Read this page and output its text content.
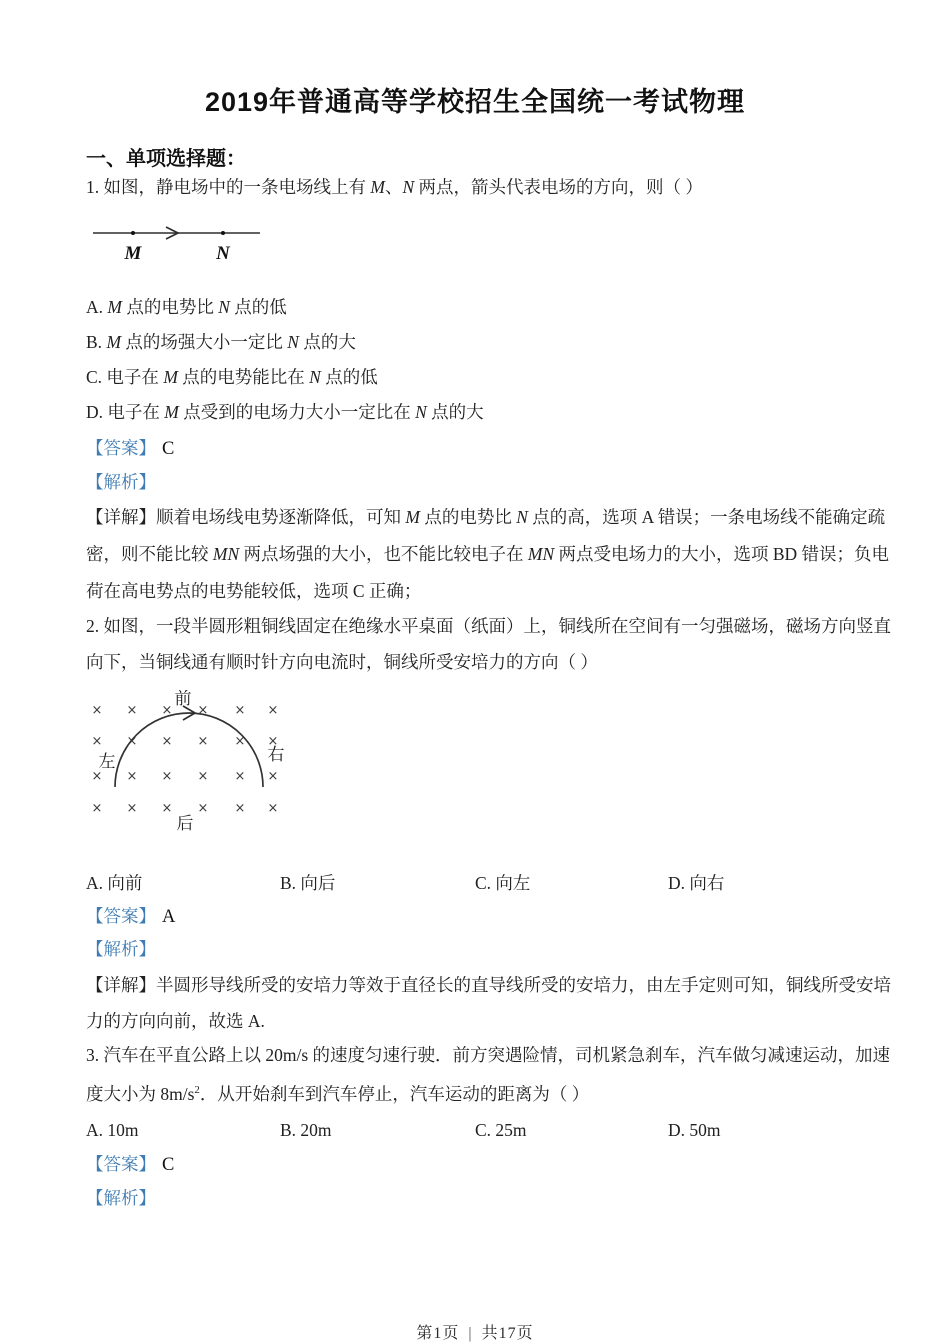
2019年普通高等学校招生全国统一考试物理
一、单项选择题：
1. 如图，静电场中的一条电场线上有 M、N 两点，箭头代表电场的方向，则（ ）
M	N
A. M 点的电势比 N 点的低
B. M 点的场强大小一定比 N 点的大
C. 电子在 M 点的电势能比在 N 点的低
D. 电子在 M 点受到的电场力大小一定比在 N 点的大
【答案】 C
【解析】
【详解】顺着电场线电势逐渐降低，可知 M 点的电势比 N 点的高，选项 A 错误；一条电场线不能确定疏
密，则不能比较 MN 两点场强的大小，也不能比较电子在 MN 两点受电场力的大小，选项 BD 错误；负电
荷在高电势点的电势能较低，选项 C 正确；
2. 如图，一段半圆形粗铜线固定在绝缘水平桌面（纸面）上，铜线所在空间有一匀强磁场，磁场方向竖直
向下，当铜线通有顺时针方向电流时，铜线所受安培力的方向（ ）
× × × × × ×
× × × × × ×
× × × × × ×
× × × × × ×
前
后
左	右
A. 向前	B. 向后	C. 向左	D. 向右
【答案】 A
【解析】
【详解】半圆形导线所受的安培力等效于直径长的直导线所受的安培力，由左手定则可知，铜线所受安培
力的方向向前，故选 A.
3. 汽车在平直公路上以 20m/s 的速度匀速行驶．前方突遇险情，司机紧急刹车，汽车做匀减速运动，加速
度大小为 $8m/s^2$．从开始刹车到汽车停止，汽车运动的距离为（ ）
A. 10m	B. 20m	C. 25m	D. 50m
【答案】 C
【解析】
第1页 | 共17页
